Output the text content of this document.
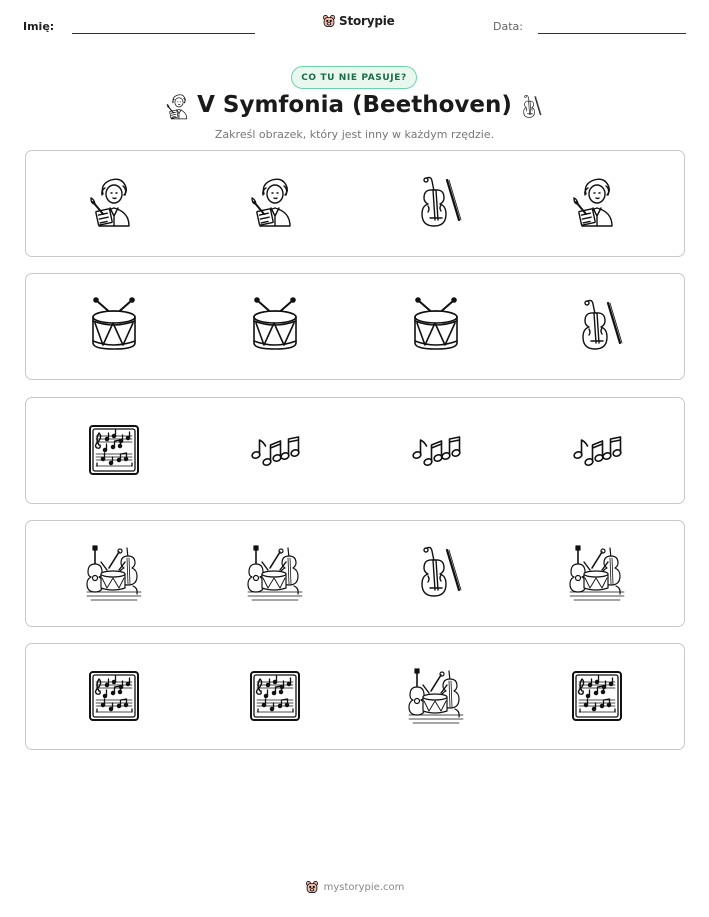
Imię:	Storypie	Data:
CO TU NIE PASUJE?
V Symfonia (Beethoven)
Zakreśl obrazek, który jest inny w każdym rzędzie.
mystorypie.com
